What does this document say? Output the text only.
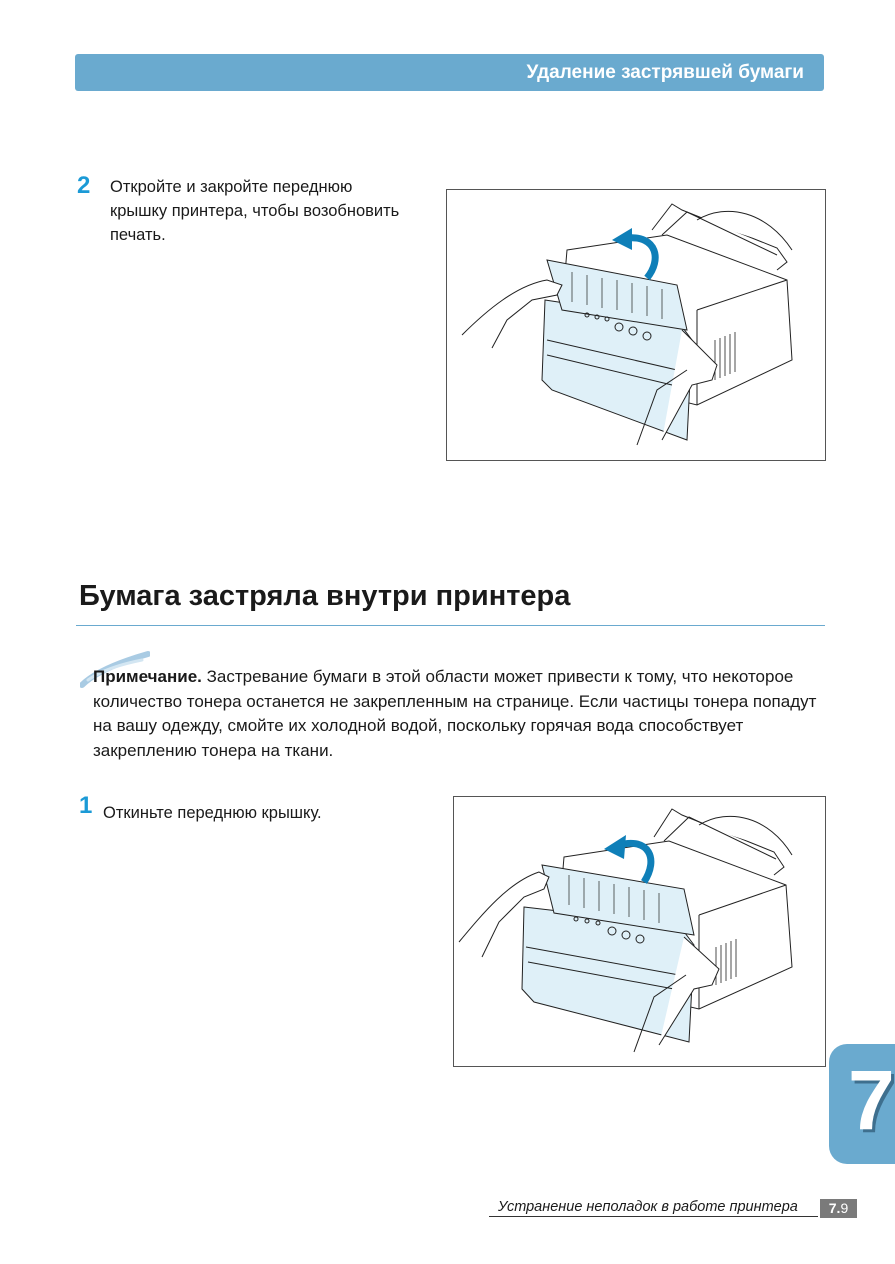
Удаление застрявшей бумаги
2 Откройте и закройте переднюю
крышку принтера, чтобы возобновить
печать.
Бумага застряла внутри принтера
Примечание. Застревание бумаги в этой области может привести к тому, что некоторое количество тонера останется не закрепленным на странице. Если частицы тонера попадут на вашу одежду, смойте их холодной водой, поскольку горячая вода способствует закреплению тонера на ткани.
1 Откиньте переднюю крышку.
7
Устранение неполадок в работе принтера	7.9
